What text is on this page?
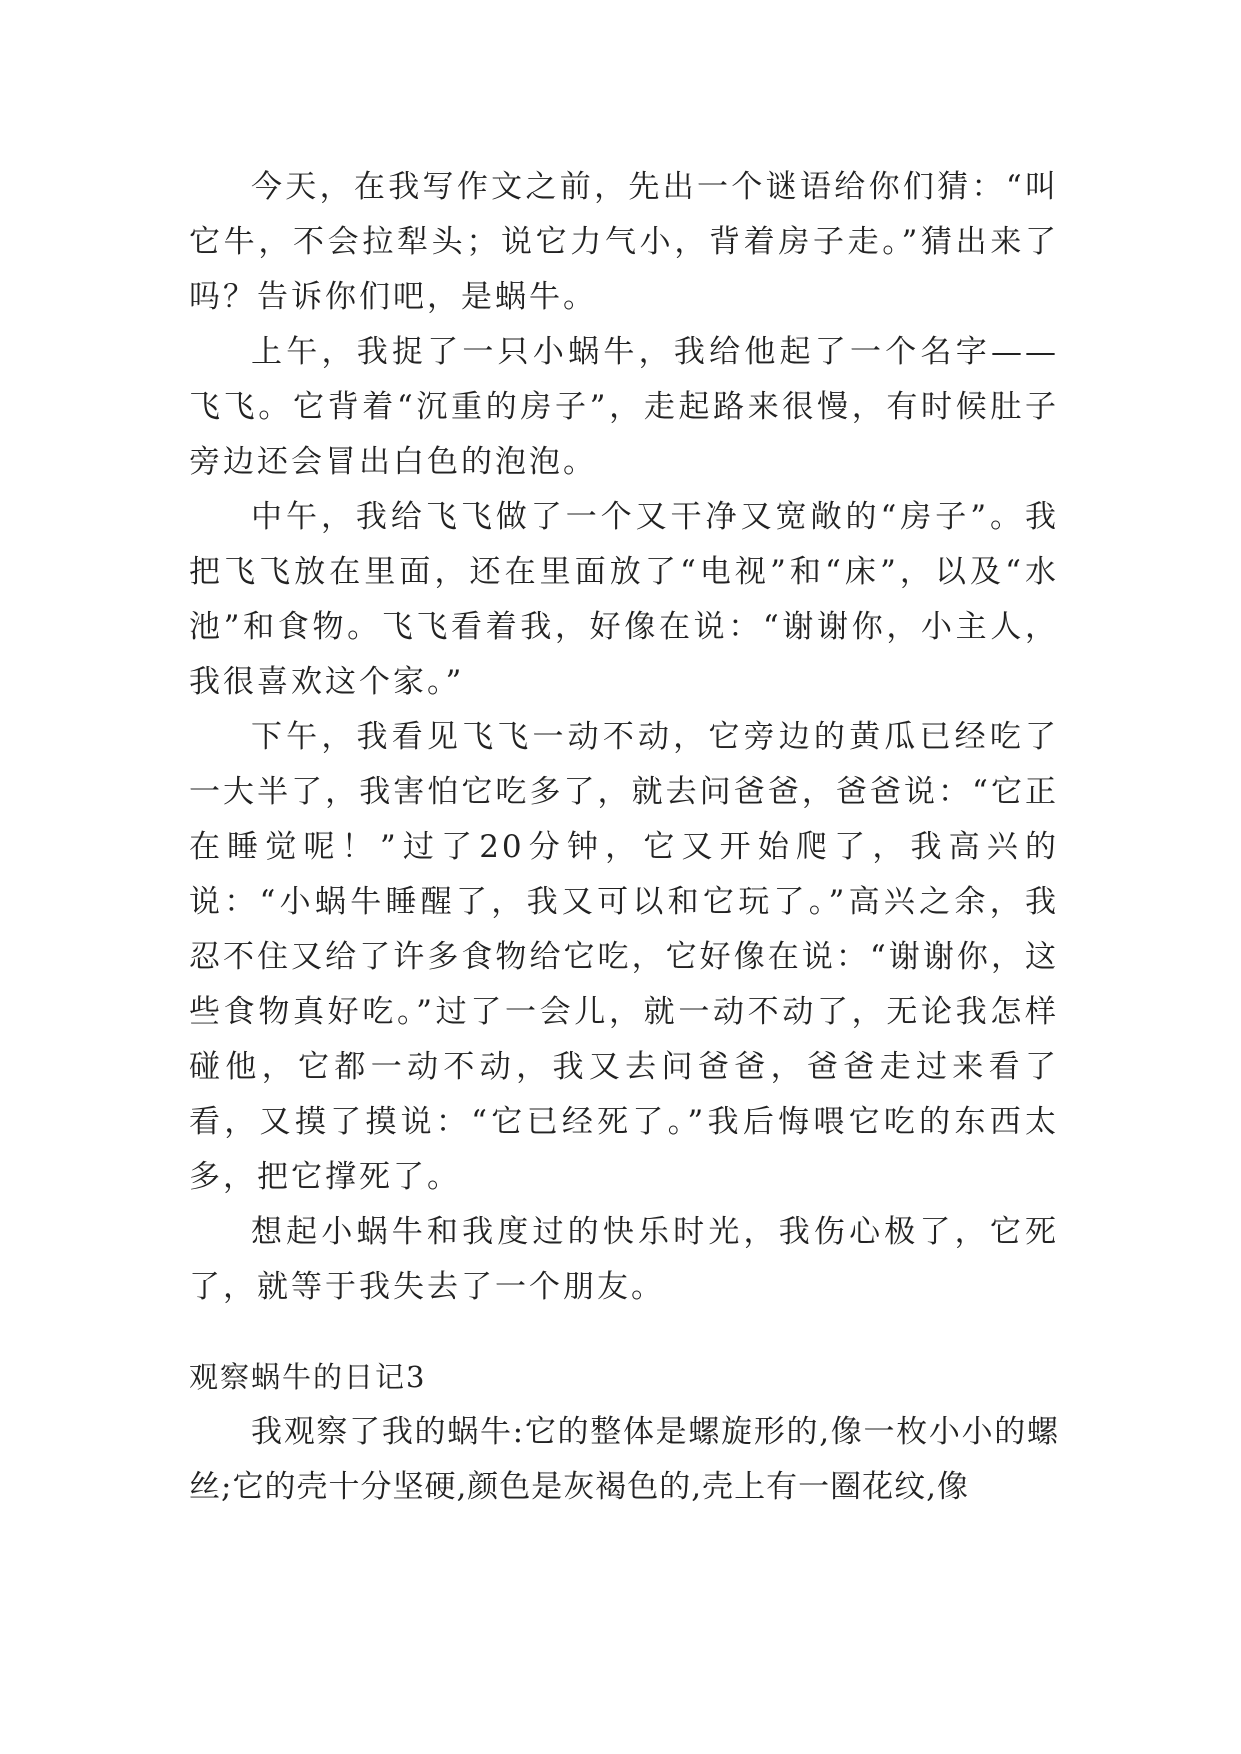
今天，在我写作文之前，先出一个谜语给你们猜：“叫它牛，不会拉犁头；说它力气小，背着房子走。”猜出来了吗？告诉你们吧，是蜗牛。

上午，我捉了一只小蜗牛，我给他起了一个名字——飞飞。它背着“沉重的房子”，走起路来很慢，有时候肚子旁边还会冒出白色的泡泡。

中午，我给飞飞做了一个又干净又宽敞的“房子”。我把飞飞放在里面，还在里面放了“电视”和“床”，以及“水池”和食物。飞飞看着我，好像在说：“谢谢你，小主人，我很喜欢这个家。”

下午，我看见飞飞一动不动，它旁边的黄瓜已经吃了一大半了，我害怕它吃多了，就去问爸爸，爸爸说：“它正在睡觉呢！”过了20分钟，它又开始爬了，我高兴的说：“小蜗牛睡醒了，我又可以和它玩了。”高兴之余，我忍不住又给了许多食物给它吃，它好像在说：“谢谢你，这些食物真好吃。”过了一会儿，就一动不动了，无论我怎样碰他，它都一动不动，我又去问爸爸，爸爸走过来看了看，又摸了摸说：“它已经死了。”我后悔喂它吃的东西太多，把它撑死了。

想起小蜗牛和我度过的快乐时光，我伤心极了，它死了，就等于我失去了一个朋友。

观察蜗牛的日记3

我观察了我的蜗牛:它的整体是螺旋形的,像一枚小小的螺丝;它的壳十分坚硬,颜色是灰褐色的,壳上有一圈花纹,像
